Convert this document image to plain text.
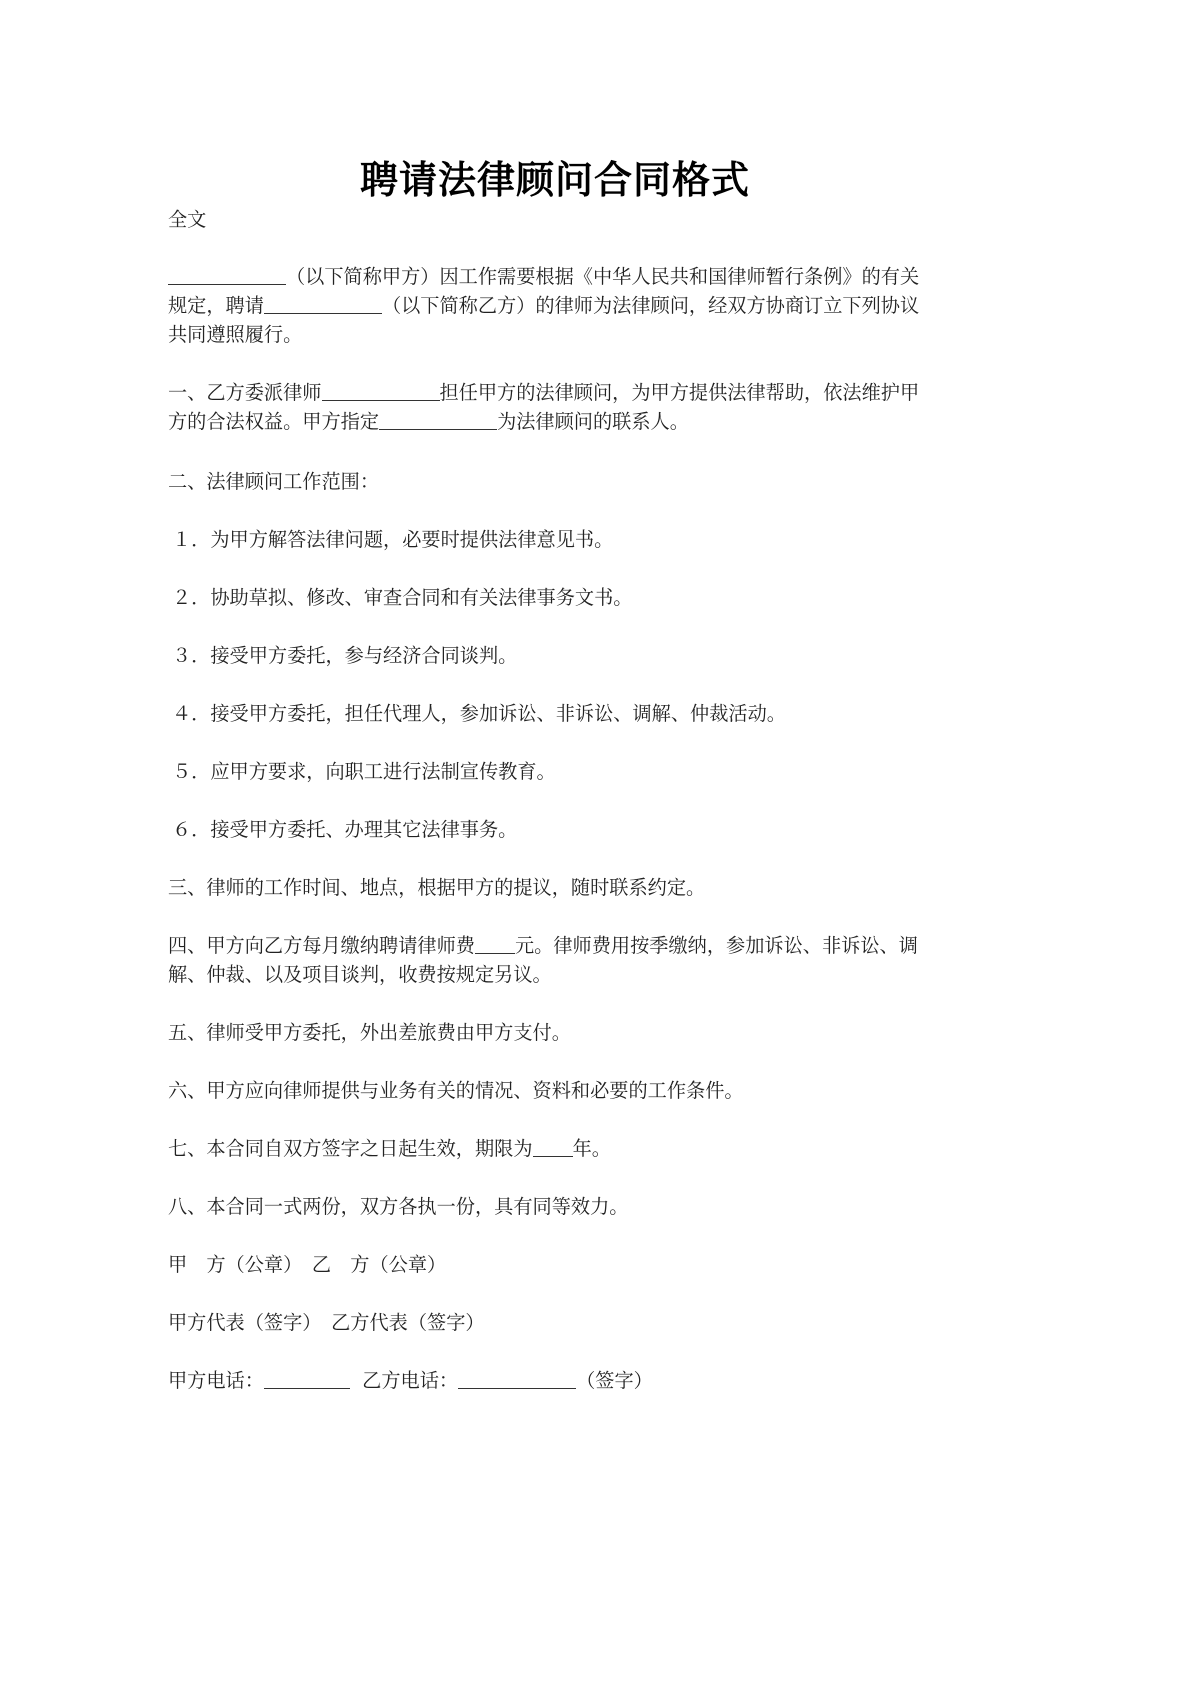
聘请法律顾问合同格式
全文
（以下简称甲方）因工作需要根据《中华人民共和国律师暂行条例》的有关
规定，聘请	（以下简称乙方）的律师为法律顾问，经双方协商订立下列协议
共同遵照履行。
一、乙方委派律师	担任甲方的法律顾问，为甲方提供法律帮助，依法维护甲
方的合法权益。甲方指定	为法律顾问的联系人。
二、法律顾问工作范围：
１．为甲方解答法律问题，必要时提供法律意见书。
２．协助草拟、修改、审查合同和有关法律事务文书。
３．接受甲方委托，参与经济合同谈判。
４．接受甲方委托，担任代理人，参加诉讼、非诉讼、调解、仲裁活动。
５．应甲方要求，向职工进行法制宣传教育。
６．接受甲方委托、办理其它法律事务。
三、律师的工作时间、地点，根据甲方的提议，随时联系约定。
四、甲方向乙方每月缴纳聘请律师费 元。律师费用按季缴纳，参加诉讼、非诉讼、调
解、仲裁、以及项目谈判，收费按规定另议。
五、律师受甲方委托，外出差旅费由甲方支付。
六、甲方应向律师提供与业务有关的情况、资料和必要的工作条件。
七、本合同自双方签字之日起生效，期限为 年。
八、本合同一式两份，双方各执一份，具有同等效力。
甲　方（公章）　乙　方（公章）
甲方代表（签字）　乙方代表（签字）
甲方电话：	乙方电话：	（签字）
